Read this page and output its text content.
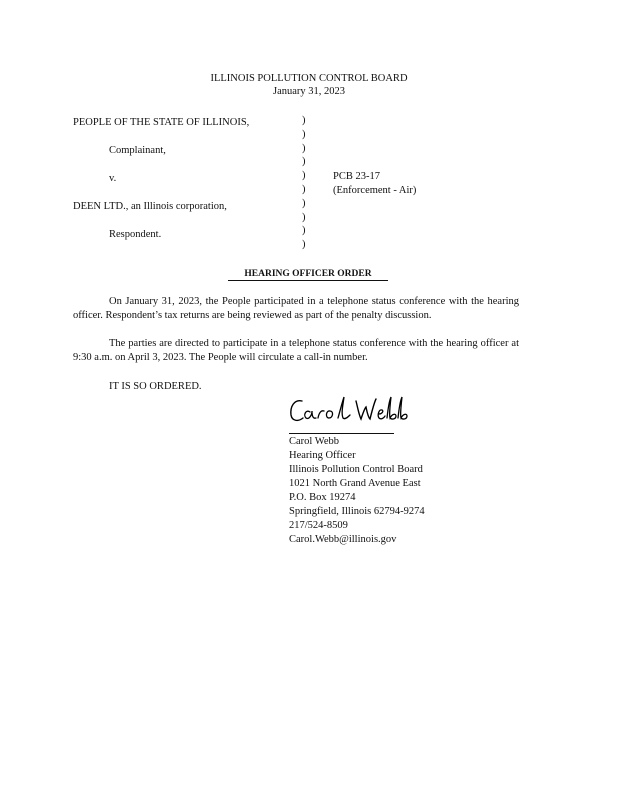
ILLINOIS POLLUTION CONTROL BOARD
January 31, 2023
PEOPLE OF THE STATE OF ILLINOIS,
Complainant,
v.
DEEN LTD., an Illinois corporation,
Respondent.
)
)
)
)
)
)
)
)
)
)
PCB 23-17
(Enforcement - Air)
HEARING OFFICER ORDER
On January 31, 2023, the People participated in a telephone status conference with the hearing officer. Respondent’s tax returns are being reviewed as part of the penalty discussion.
The parties are directed to participate in a telephone status conference with the hearing officer at 9:30 a.m. on April 3, 2023. The People will circulate a call-in number.
IT IS SO ORDERED.
Carol Webb
Hearing Officer
Illinois Pollution Control Board
1021 North Grand Avenue East
P.O. Box 19274
Springfield, Illinois 62794-9274
217/524-8509
Carol.Webb@illinois.gov
